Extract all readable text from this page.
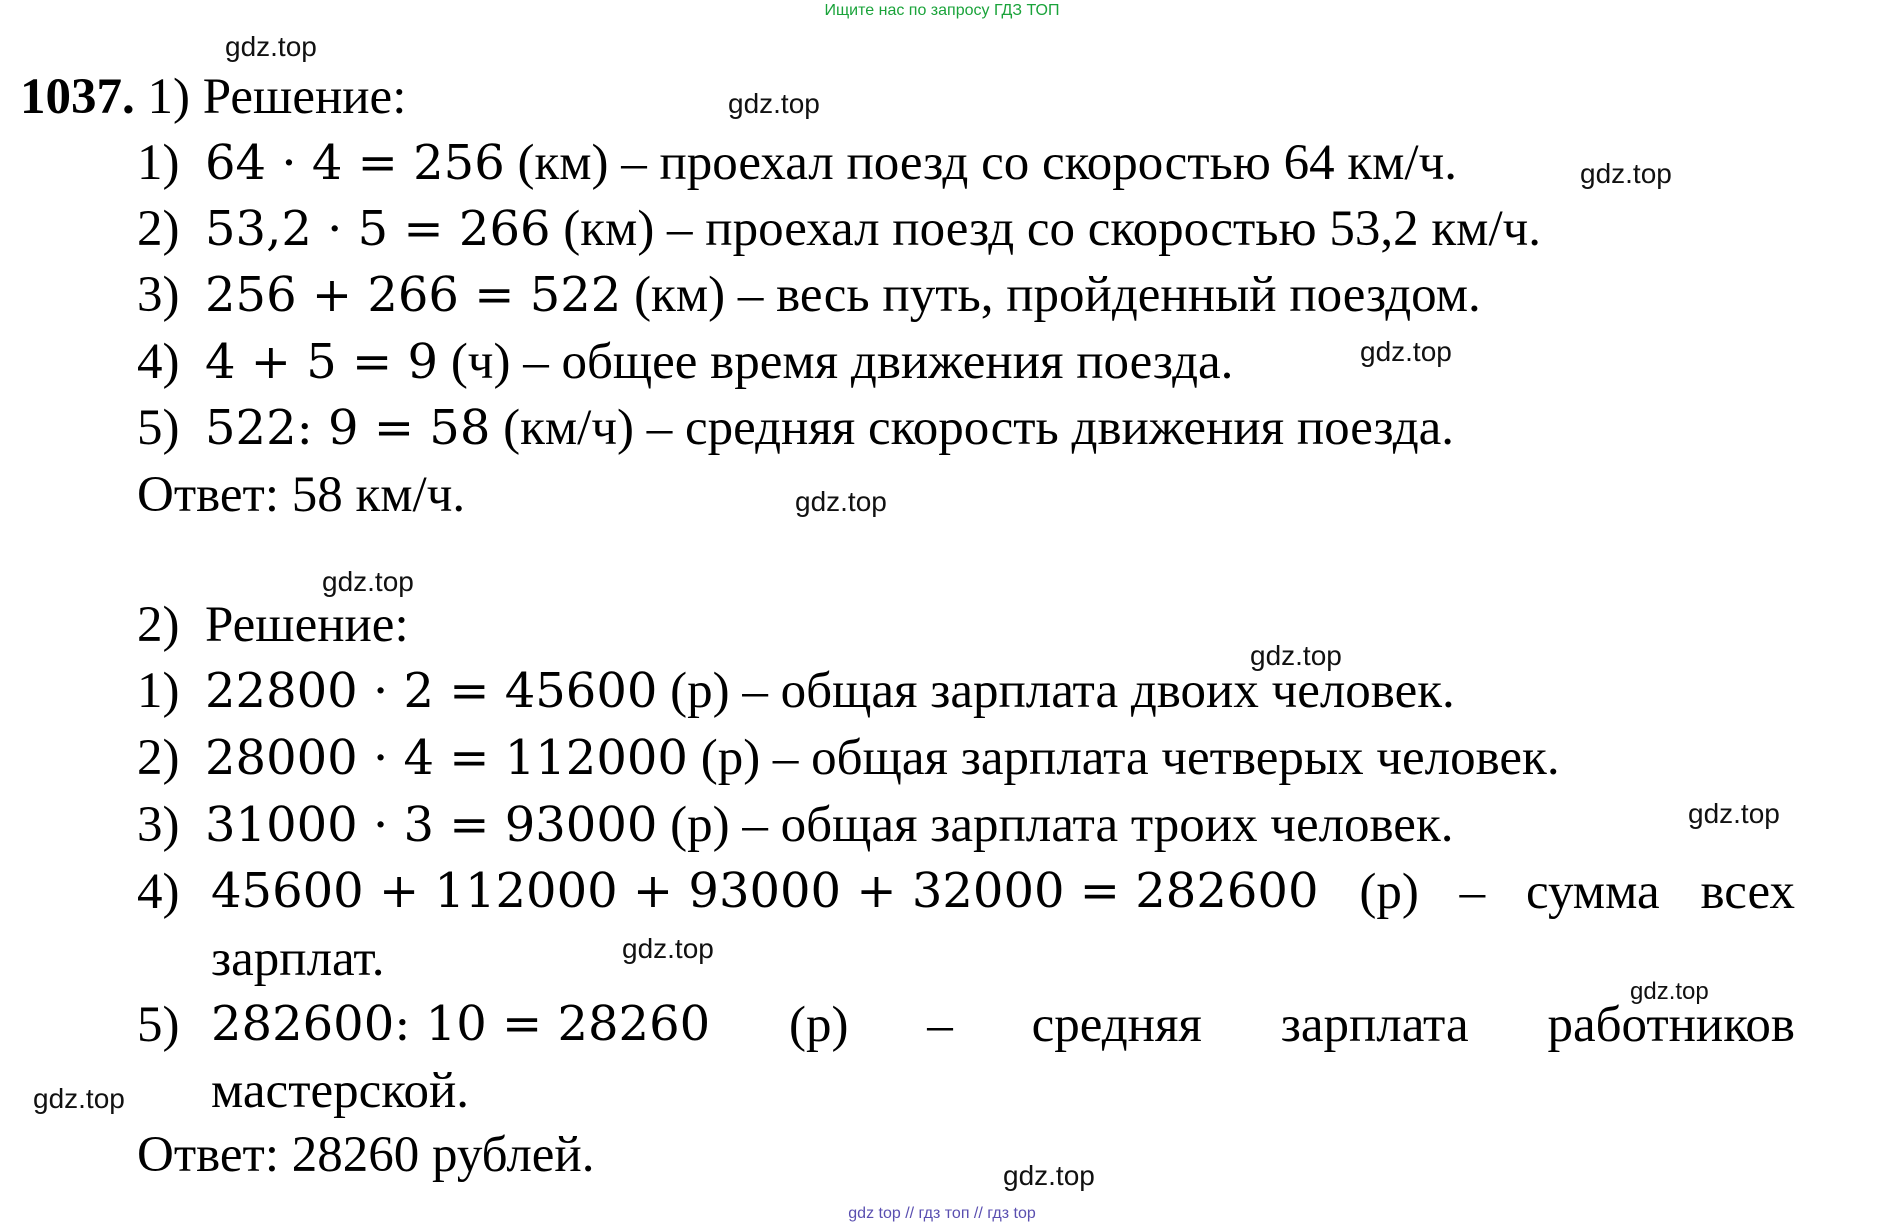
Ищите нас по запросу ГДЗ ТОП
gdz.top
gdz.top
gdz.top
gdz.top
gdz.top
gdz.top
gdz.top
gdz.top
gdz.top
gdz.top
gdz.top
gdz.top
1037. 1) Решение:
1) 64 · 4 = 256 (км) – проехал поезд со скоростью 64 км/ч.
2) 53,2 · 5 = 266 (км) – проехал поезд со скоростью 53,2 км/ч.
3) 256 + 266 = 522 (км) – весь путь, пройденный поездом.
4) 4 + 5 = 9 (ч) – общее время движения поезда.
5) 522: 9 = 58 (км/ч) – средняя скорость движения поезда.
Ответ: 58 км/ч.
2) Решение:
1) 22800 · 2 = 45600 (р) – общая зарплата двоих человек.
2) 28000 · 4 = 112000 (р) – общая зарплата четверых человек.
3) 31000 · 3 = 93000 (р) – общая зарплата троих человек.
4) 45600 + 112000 + 93000 + 32000 = 282600 (р) – сумма всех
зарплат.
5) 282600: 10 = 28260 (р) – средняя зарплата работников
мастерской.
Ответ: 28260 рублей.
gdz top // гдз топ // гдз top
